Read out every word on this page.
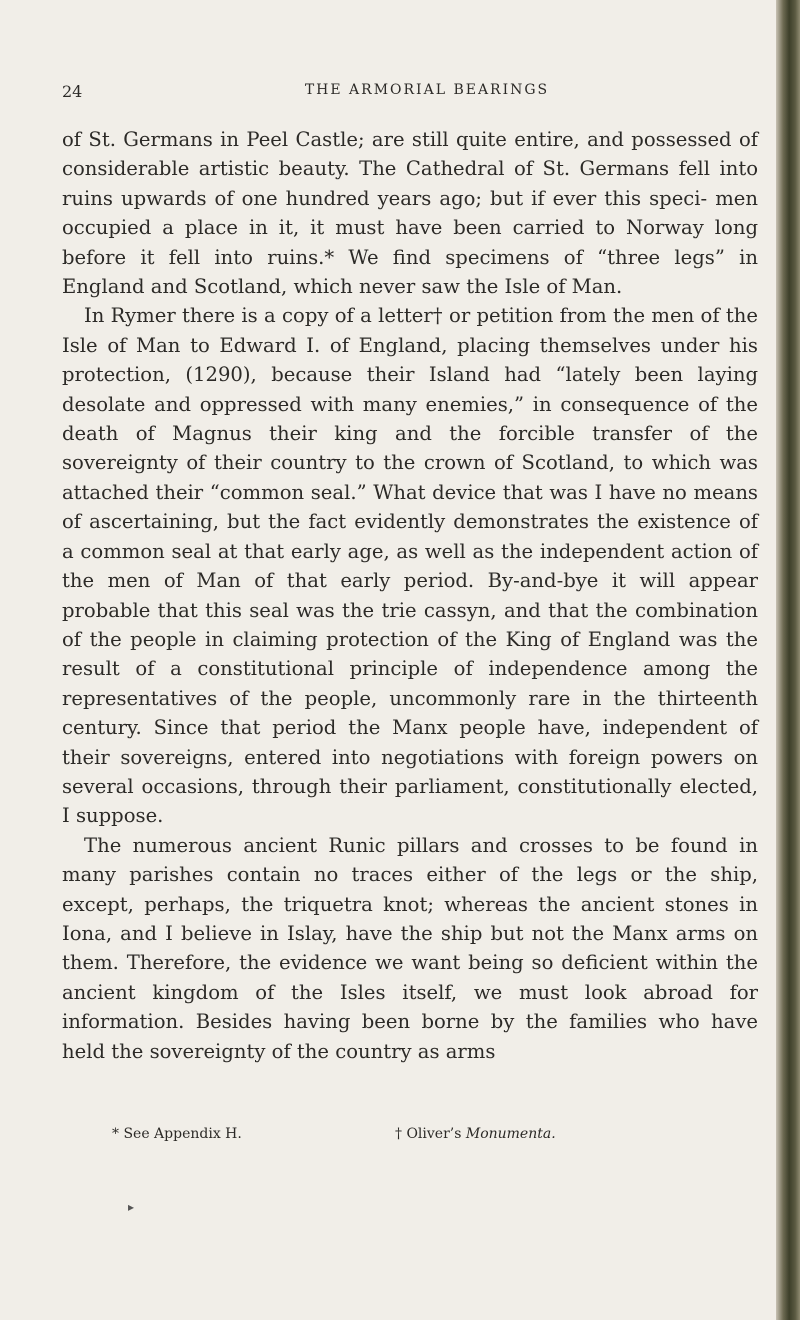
24	THE ARMORIAL BEARINGS

of St. Germans in Peel Castle; are still quite entire, and possessed of considerable artistic beauty. The Cathedral of St. Germans fell into ruins upwards of one hundred years ago; but if ever this speci- men occupied a place in it, it must have been carried to Norway long before it fell into ruins.* We find specimens of “three legs” in England and Scotland, which never saw the Isle of Man.

In Rymer there is a copy of a letter† or petition from the men of the Isle of Man to Edward I. of England, placing themselves under his protection, (1290), because their Island had “lately been laying desolate and oppressed with many enemies,” in consequence of the death of Magnus their king and the forcible transfer of the sovereignty of their country to the crown of Scotland, to which was attached their “common seal.” What device that was I have no means of ascertaining, but the fact evidently demonstrates the existence of a common seal at that early age, as well as the independent action of the men of Man of that early period. By-and-bye it will appear probable that this seal was the trie cassyn, and that the combination of the people in claiming protection of the King of England was the result of a constitutional principle of independence among the representatives of the people, uncommonly rare in the thirteenth century. Since that period the Manx people have, independent of their sovereigns, entered into negotiations with foreign powers on several occasions, through their parliament, constitutionally elected, I suppose.

The numerous ancient Runic pillars and crosses to be found in many parishes contain no traces either of the legs or the ship, except, perhaps, the triquetra knot; whereas the ancient stones in Iona, and I believe in Islay, have the ship but not the Manx arms on them. Therefore, the evidence we want being so deficient within the ancient kingdom of the Isles itself, we must look abroad for information. Besides having been borne by the families who have held the sovereignty of the country as arms

* See Appendix H.	† Oliver’s Monumenta.
▸
